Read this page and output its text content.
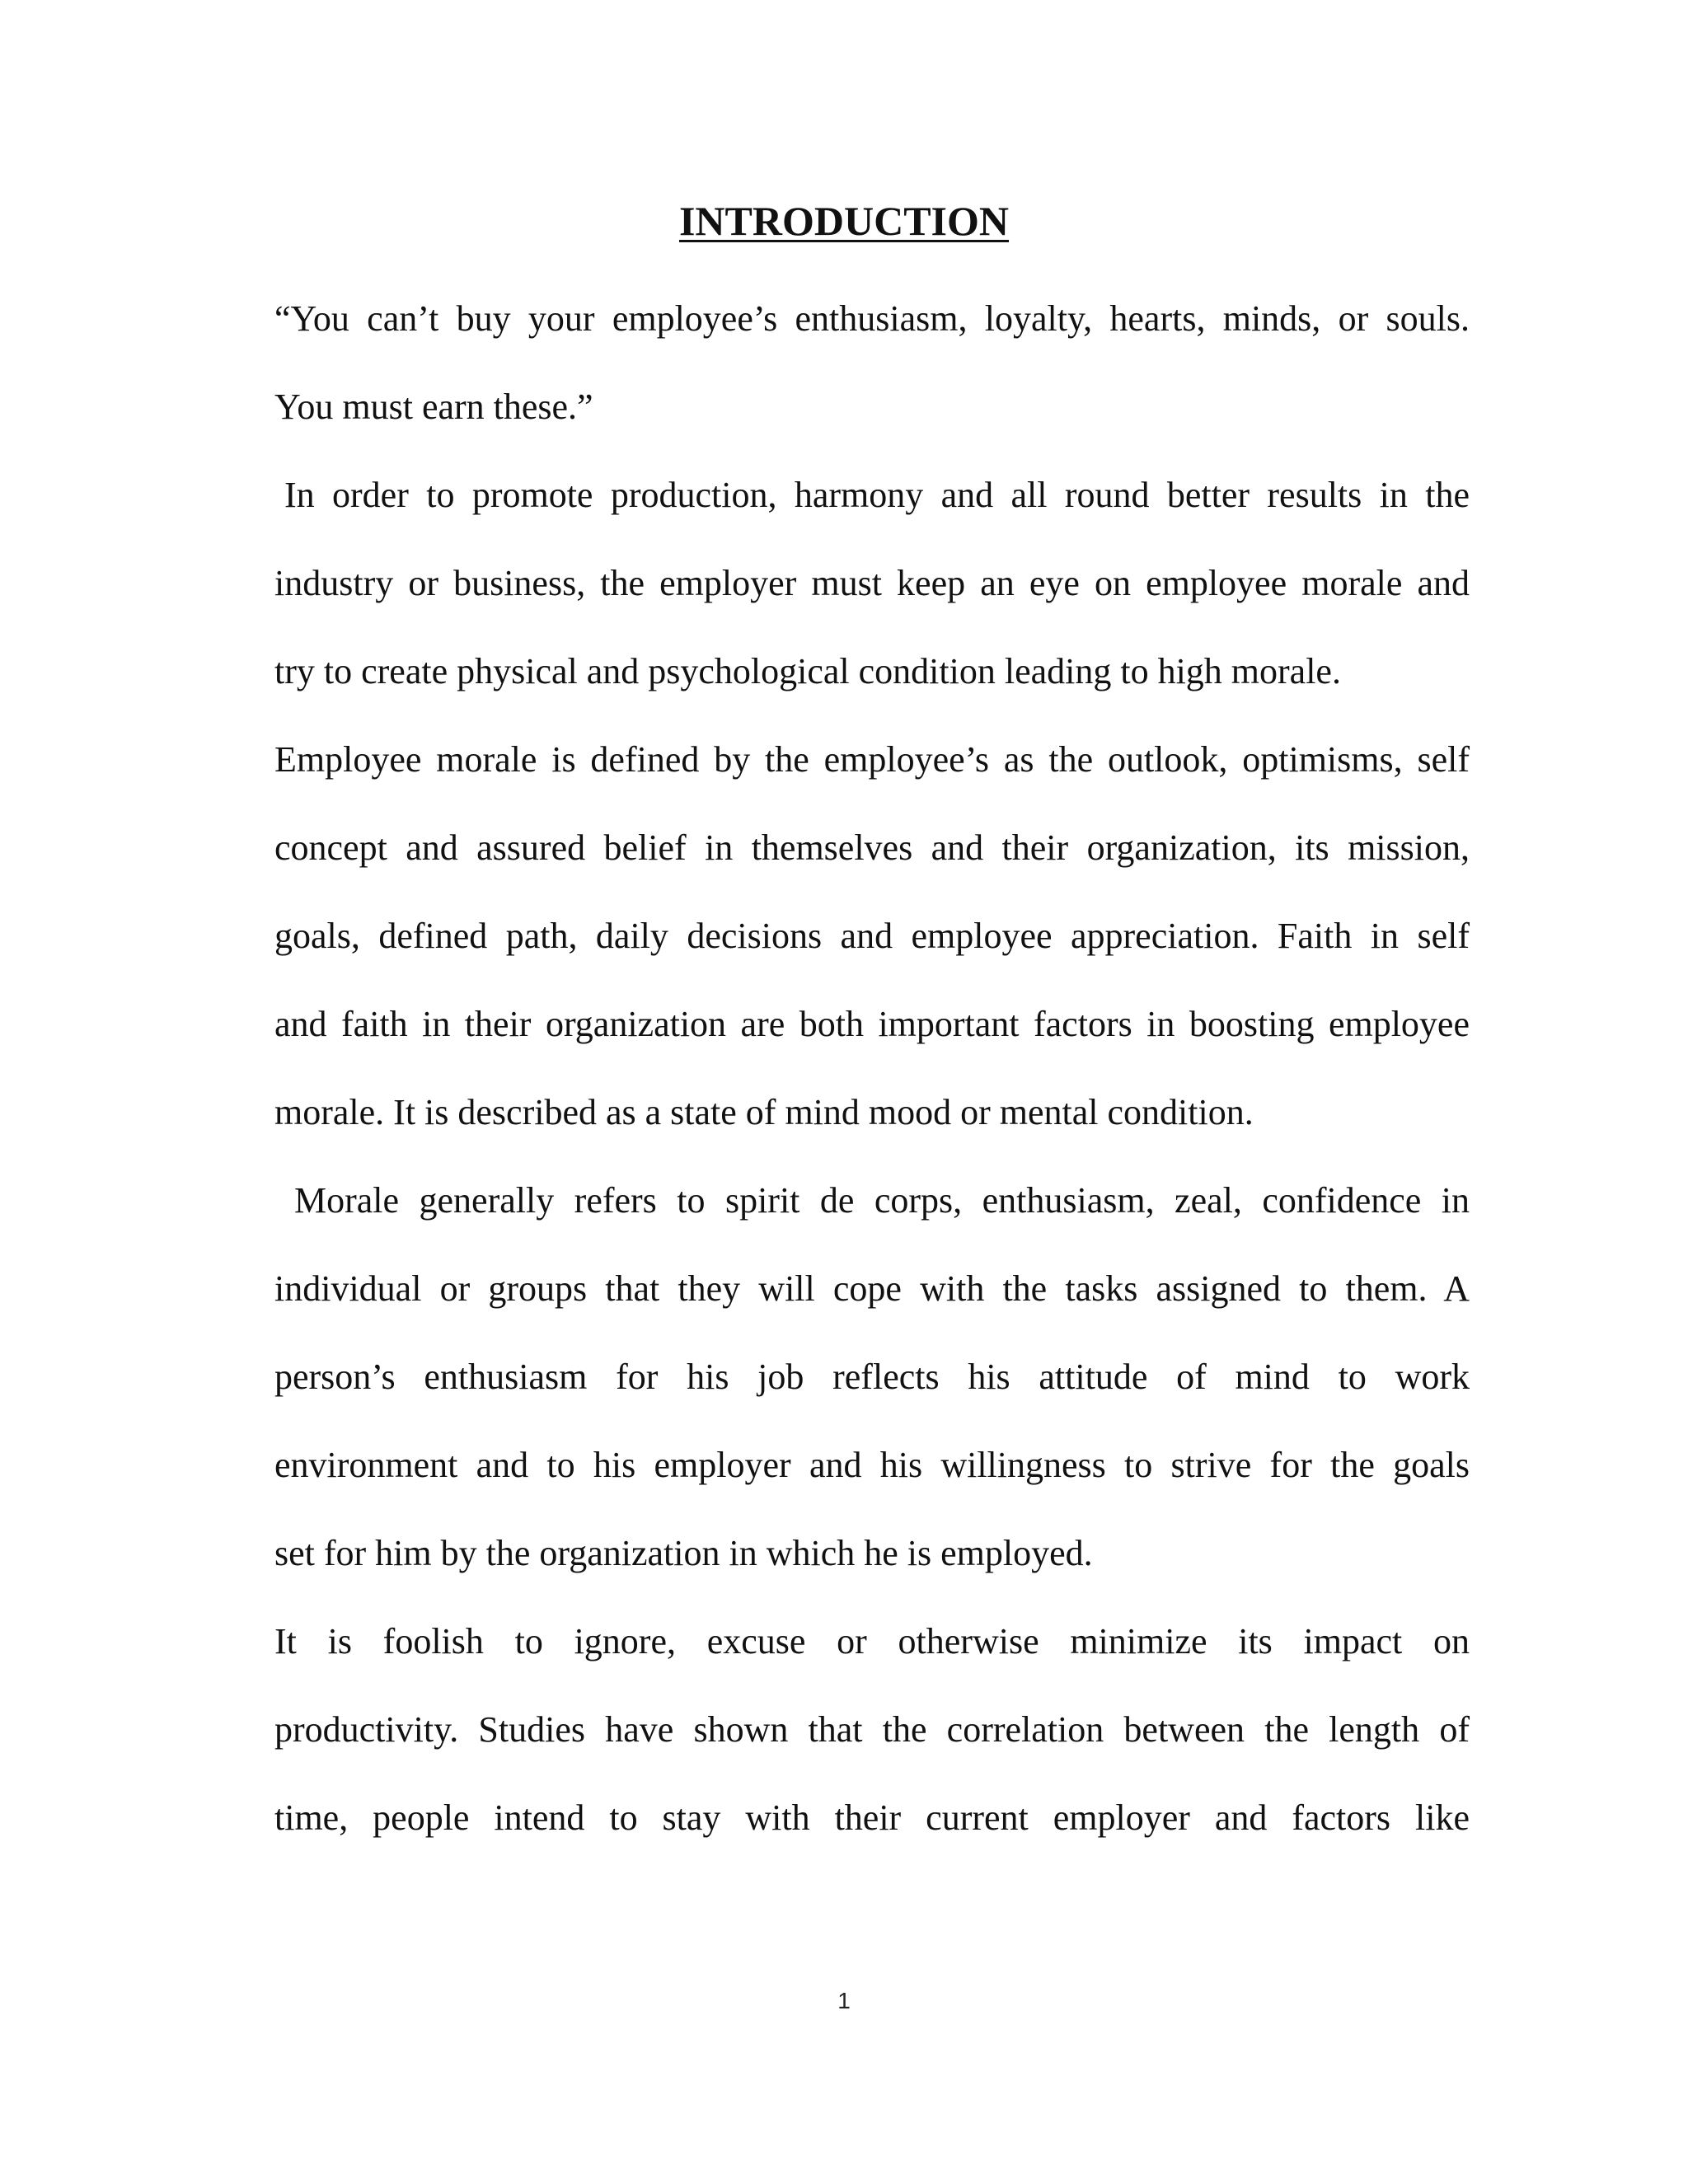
INTRODUCTION
“You can’t buy your employee’s enthusiasm, loyalty, hearts, minds, or souls.
You must earn these.”
In order to promote production, harmony and all round better results in the
industry or business, the employer must keep an eye on employee morale and
try to create physical and psychological condition leading to high morale.
Employee morale is defined by the employee’s as the outlook, optimisms, self
concept and assured belief in themselves and their organization, its mission,
goals, defined path, daily decisions and employee appreciation. Faith in self
and faith in their organization are both important factors in boosting employee
morale. It is described as a state of mind mood or mental condition.
Morale generally refers to spirit de corps, enthusiasm, zeal, confidence in
individual or groups that they will cope with the tasks assigned to them. A
person’s enthusiasm for his job reflects his attitude of mind to work
environment and to his employer and his willingness to strive for the goals
set for him by the organization in which he is employed.
It is foolish to ignore, excuse or otherwise minimize its impact on
productivity. Studies have shown that the correlation between the length of
time, people intend to stay with their current employer and factors like
1
